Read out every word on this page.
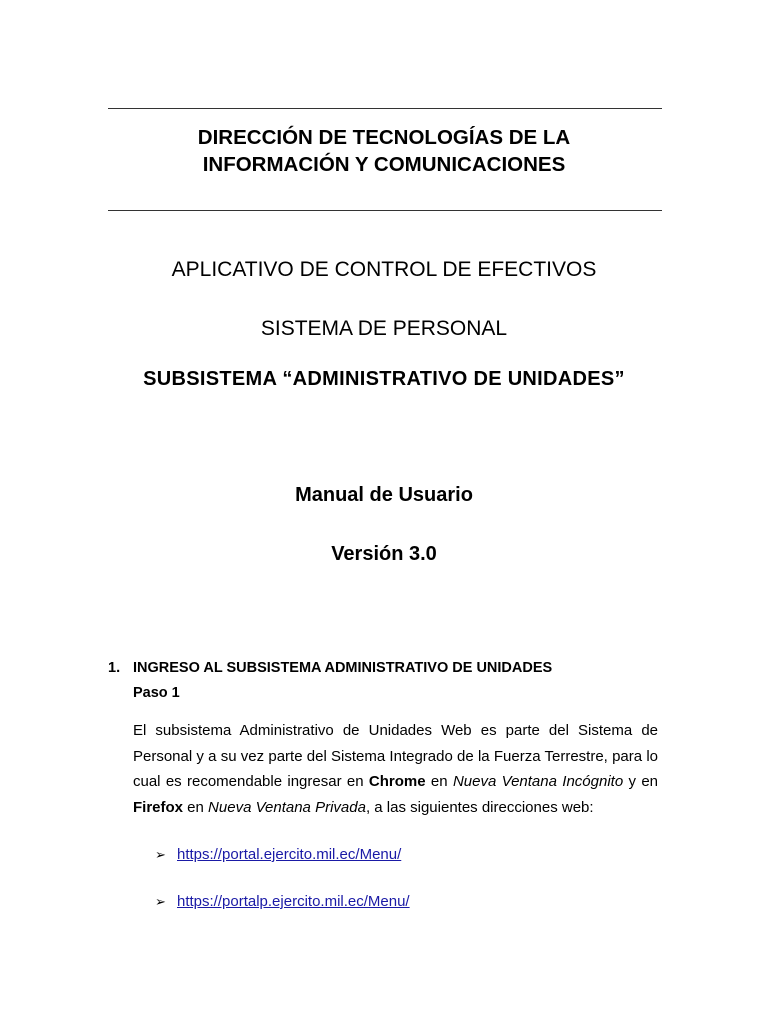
DIRECCIÓN DE TECNOLOGÍAS DE LA
INFORMACIÓN Y COMUNICACIONES
APLICATIVO DE CONTROL DE EFECTIVOS
SISTEMA DE PERSONAL
SUBSISTEMA “ADMINISTRATIVO DE UNIDADES”
Manual de Usuario
Versión 3.0
1. INGRESO AL SUBSISTEMA ADMINISTRATIVO DE UNIDADES
Paso 1
El subsistema Administrativo de Unidades Web es parte del Sistema de Personal y a su vez parte del Sistema Integrado de la Fuerza Terrestre, para lo cual es recomendable ingresar en Chrome en Nueva Ventana Incógnito y en Firefox en Nueva Ventana Privada, a las siguientes direcciones web:
➢ https://portal.ejercito.mil.ec/Menu/
➢ https://portalp.ejercito.mil.ec/Menu/
